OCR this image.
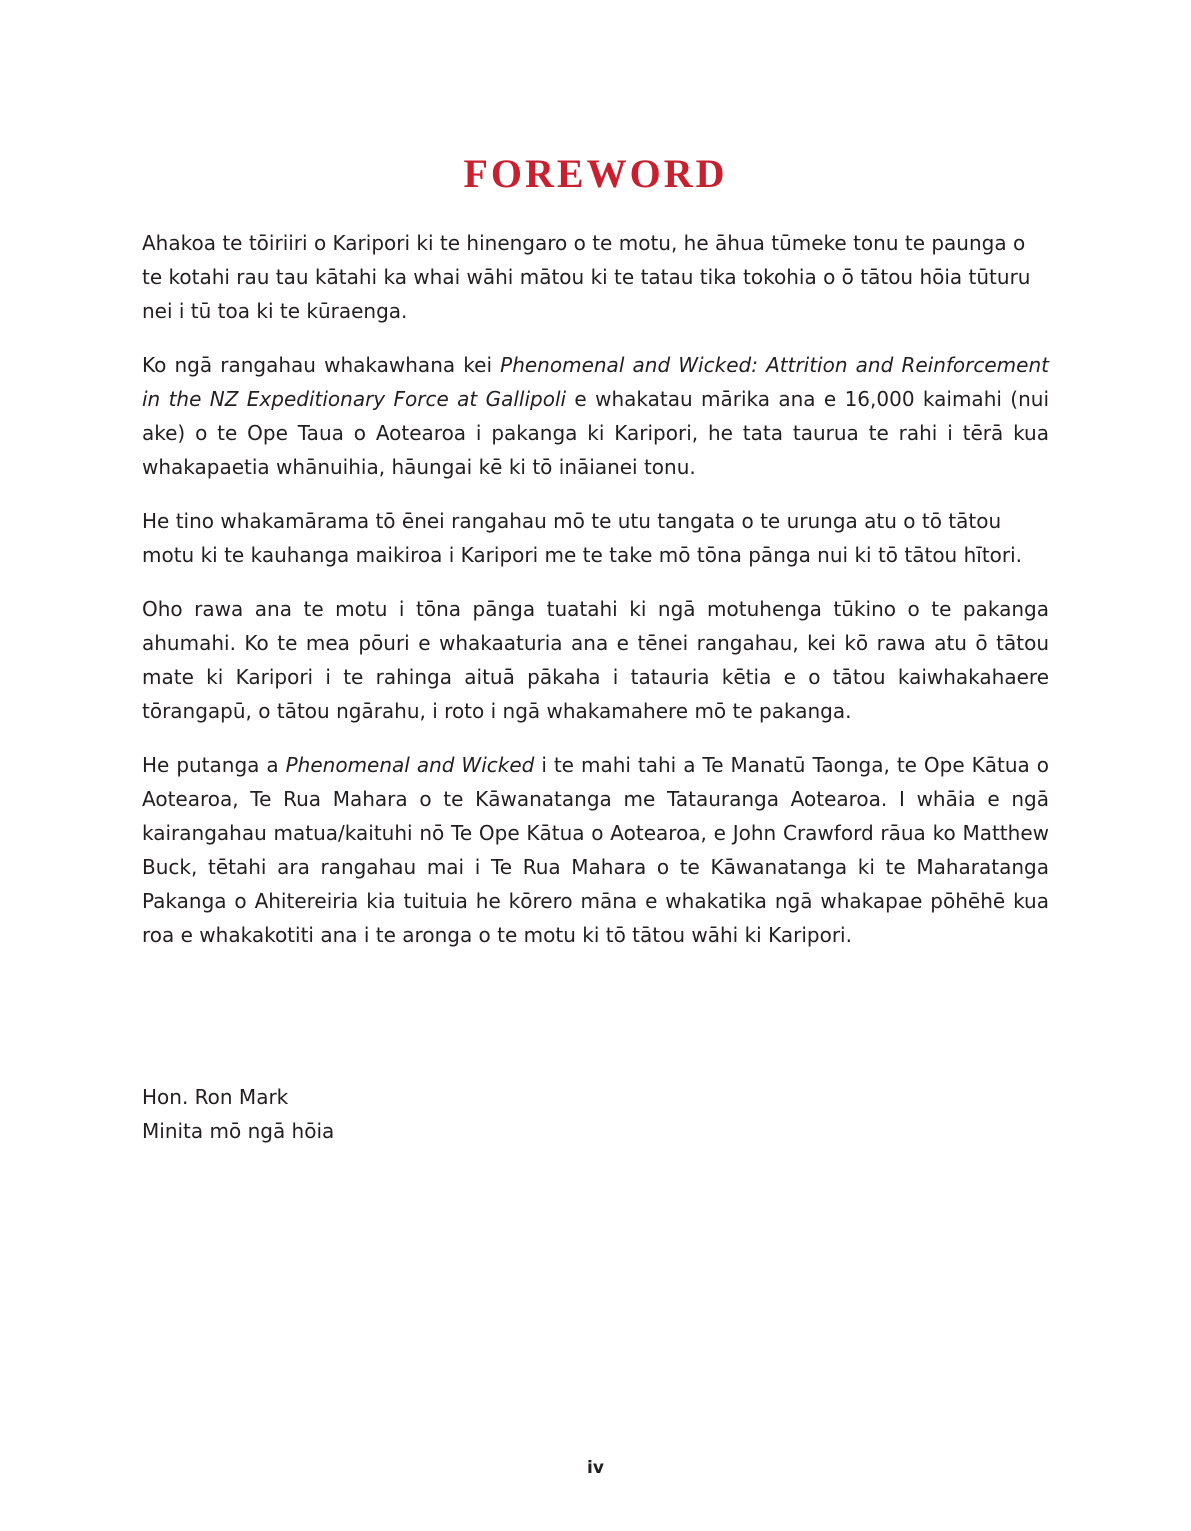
FOREWORD

Ahakoa te tōiriiri o Karipori ki te hinengaro o te motu, he āhua tūmeke tonu te paunga o te kotahi rau tau kātahi ka whai wāhi mātou ki te tatau tika tokohia o ō tātou hōia tūturu nei i tū toa ki te kūraenga.

Ko ngā rangahau whakawhana kei Phenomenal and Wicked: Attrition and Reinforcement in the NZ Expeditionary Force at Gallipoli e whakatau mārika ana e 16,000 kaimahi (nui ake) o te Ope Taua o Aotearoa i pakanga ki Karipori, he tata taurua te rahi i tērā kua whakapaetia whānuihia, hāungai kē ki tō ināianei tonu.

He tino whakamārama tō ēnei rangahau mō te utu tangata o te urunga atu o tō tātou motu ki te kauhanga maikiroa i Karipori me te take mō tōna pānga nui ki tō tātou hītori.

Oho rawa ana te motu i tōna pānga tuatahi ki ngā motuhenga tūkino o te pakanga ahumahi. Ko te mea pōuri e whakaaturia ana e tēnei rangahau, kei kō rawa atu ō tātou mate ki Karipori i te rahinga aituā pākaha i tatauria kētia e o tātou kaiwhakahaere tōrangapū, o tātou ngārahu, i roto i ngā whakamahere mō te pakanga.

He putanga a Phenomenal and Wicked i te mahi tahi a Te Manatū Taonga, te Ope Kātua o Aotearoa, Te Rua Mahara o te Kāwanatanga me Tatauranga Aotearoa. I whāia e ngā kairangahau matua/kaituhi nō Te Ope Kātua o Aotearoa, e John Crawford rāua ko Matthew Buck, tētahi ara rangahau mai i Te Rua Mahara o te Kāwanatanga ki te Maharatanga Pakanga o Ahitereiria kia tuituia he kōrero māna e whakatika ngā whakapae pōhēhē kua roa e whakakotiti ana i te aronga o te motu ki tō tātou wāhi ki Karipori.

Hon. Ron Mark
Minita mō ngā hōia
iv
